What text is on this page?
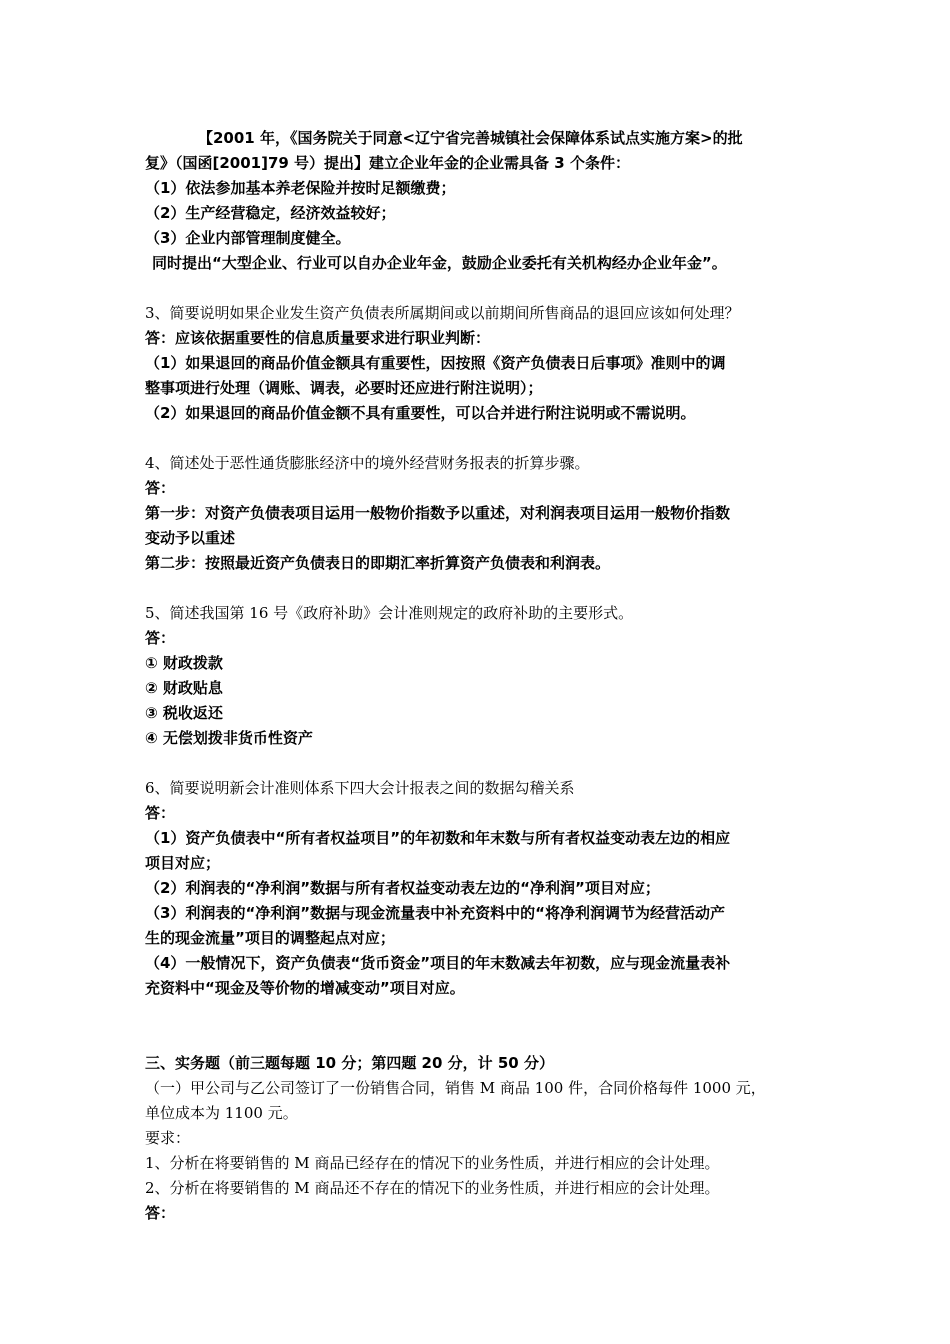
【2001 年，《国务院关于同意<辽宁省完善城镇社会保障体系试点实施方案>的批

复》（国函[2001]79 号）提出】建立企业年金的企业需具备 3 个条件：

（1）依法参加基本养老保险并按时足额缴费；

（2）生产经营稳定，经济效益较好；

（3）企业内部管理制度健全。

同时提出“大型企业、行业可以自办企业年金，鼓励企业委托有关机构经办企业年金”。

3、简要说明如果企业发生资产负债表所属期间或以前期间所售商品的退回应该如何处理？

答：应该依据重要性的信息质量要求进行职业判断：

（1）如果退回的商品价值金额具有重要性，因按照《资产负债表日后事项》准则中的调

整事项进行处理（调账、调表，必要时还应进行附注说明）；

（2）如果退回的商品价值金额不具有重要性，可以合并进行附注说明或不需说明。

4、简述处于恶性通货膨胀经济中的境外经营财务报表的折算步骤。

答：

第一步：对资产负债表项目运用一般物价指数予以重述，对利润表项目运用一般物价指数

变动予以重述

第二步：按照最近资产负债表日的即期汇率折算资产负债表和利润表。

5、简述我国第 16 号《政府补助》会计准则规定的政府补助的主要形式。

答：

① 财政拨款

② 财政贴息

③ 税收返还

④ 无偿划拨非货币性资产

6、简要说明新会计准则体系下四大会计报表之间的数据勾稽关系

答：

（1）资产负债表中“所有者权益项目”的年初数和年末数与所有者权益变动表左边的相应

项目对应；

（2）利润表的“净利润”数据与所有者权益变动表左边的“净利润”项目对应；

（3）利润表的“净利润”数据与现金流量表中补充资料中的“将净利润调节为经营活动产

生的现金流量”项目的调整起点对应；

（4）一般情况下，资产负债表“货币资金”项目的年末数减去年初数，应与现金流量表补

充资料中“现金及等价物的增减变动”项目对应。

三、实务题（前三题每题 10 分；第四题 20 分，计 50 分）

（一）甲公司与乙公司签订了一份销售合同，销售 M 商品 100 件，合同价格每件 1000 元，

单位成本为 1100 元。

要求：

1、分析在将要销售的 M 商品已经存在的情况下的业务性质，并进行相应的会计处理。

2、分析在将要销售的 M 商品还不存在的情况下的业务性质，并进行相应的会计处理。

答：
